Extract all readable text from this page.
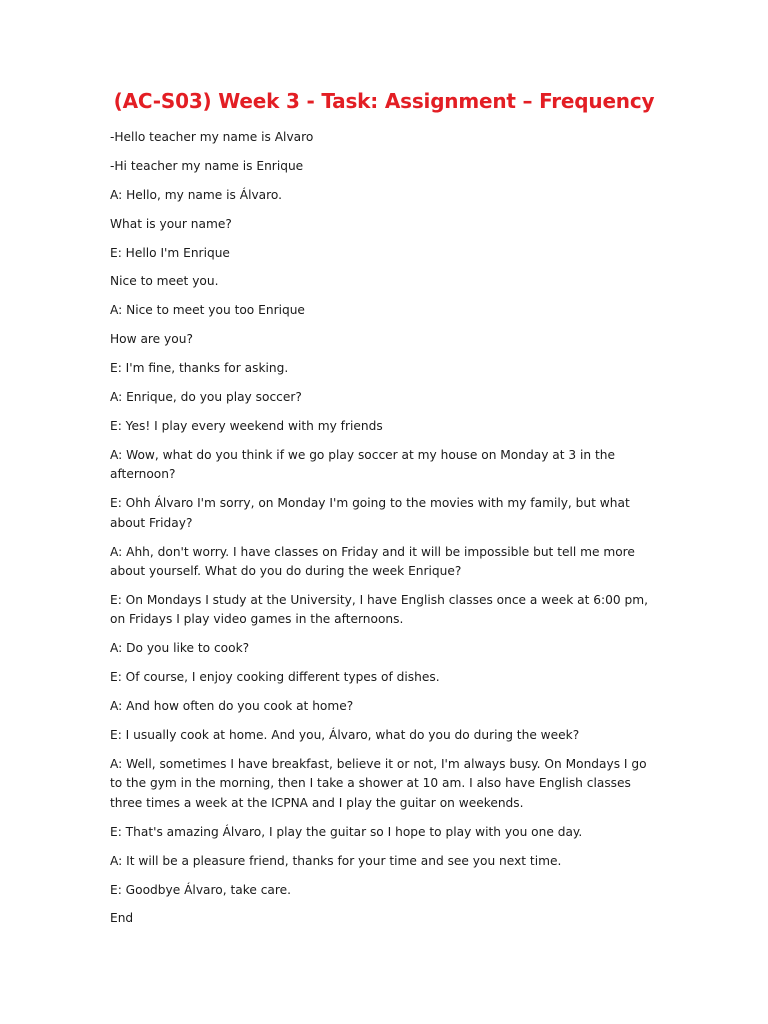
(AC-S03) Week 3 - Task: Assignment – Frequency

-Hello teacher my name is Alvaro

-Hi teacher my name is Enrique

A: Hello, my name is Álvaro.

What is your name?

E: Hello I'm Enrique

Nice to meet you.

A: Nice to meet you too Enrique

How are you?

E: I'm fine, thanks for asking.

A: Enrique, do you play soccer?

E: Yes! I play every weekend with my friends

A: Wow, what do you think if we go play soccer at my house on Monday at 3 in the afternoon?

E: Ohh Álvaro I'm sorry, on Monday I'm going to the movies with my family, but what about Friday?

A: Ahh, don't worry. I have classes on Friday and it will be impossible but tell me more about yourself. What do you do during the week Enrique?

E: On Mondays I study at the University, I have English classes once a week at 6:00 pm, on Fridays I play video games in the afternoons.

A: Do you like to cook?

E: Of course, I enjoy cooking different types of dishes.

A: And how often do you cook at home?

E: I usually cook at home. And you, Álvaro, what do you do during the week?

A: Well, sometimes I have breakfast, believe it or not, I'm always busy. On Mondays I go to the gym in the morning, then I take a shower at 10 am. I also have English classes three times a week at the ICPNA and I play the guitar on weekends.

E: That's amazing Álvaro, I play the guitar so I hope to play with you one day.

A: It will be a pleasure friend, thanks for your time and see you next time.

E: Goodbye Álvaro, take care.

End
